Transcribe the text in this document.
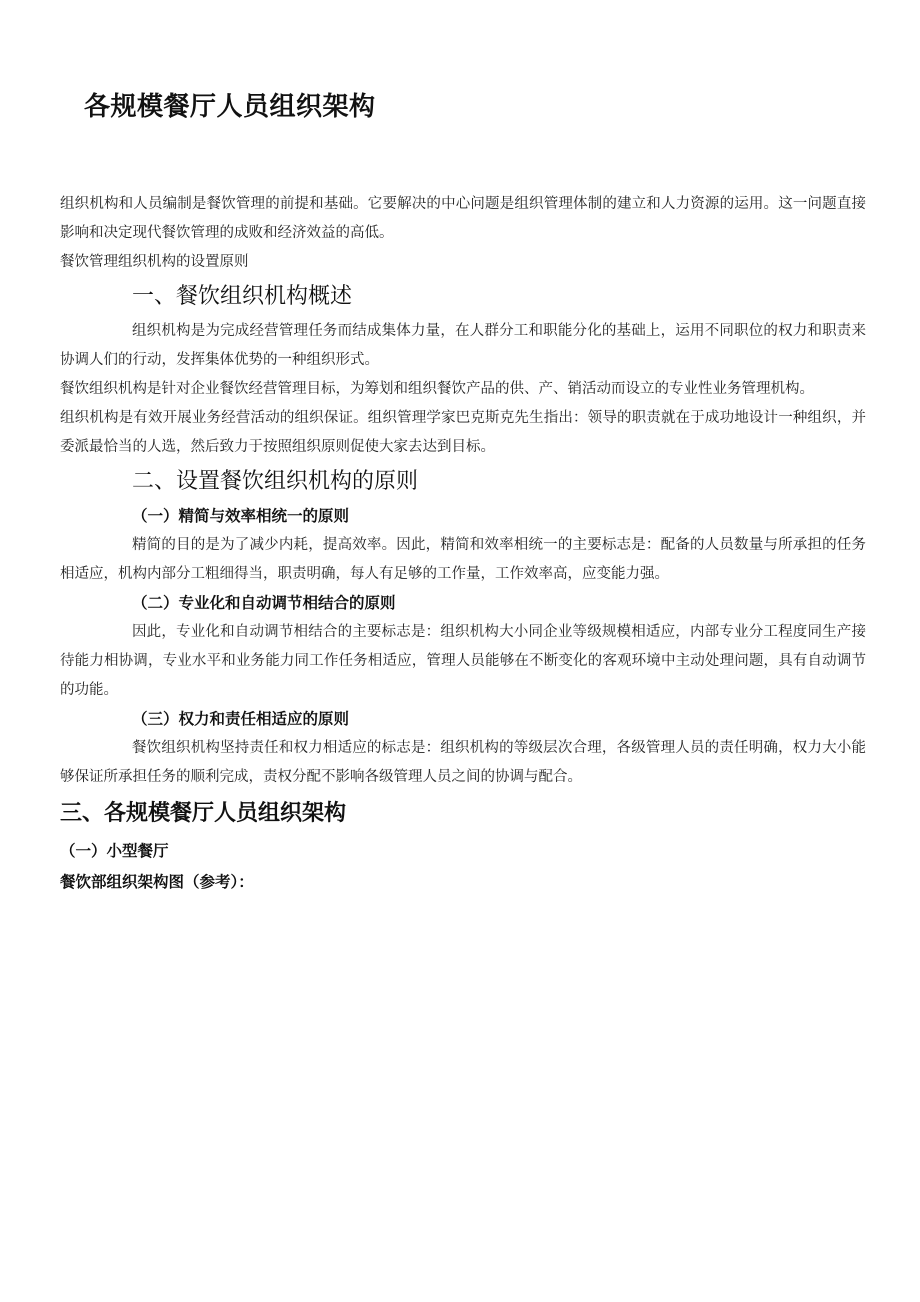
各规模餐厅人员组织架构

组织机构和人员编制是餐饮管理的前提和基础。它要解决的中心问题是组织管理体制的建立和人力资源的运用。这一问题直接影响和决定现代餐饮管理的成败和经济效益的高低。

餐饮管理组织机构的设置原则

一、餐饮组织机构概述

组织机构是为完成经营管理任务而结成集体力量，在人群分工和职能分化的基础上，运用不同职位的权力和职责来协调人们的行动，发挥集体优势的一种组织形式。

餐饮组织机构是针对企业餐饮经营管理目标，为筹划和组织餐饮产品的供、产、销活动而设立的专业性业务管理机构。

组织机构是有效开展业务经营活动的组织保证。组织管理学家巴克斯克先生指出：领导的职责就在于成功地设计一种组织，并委派最恰当的人选，然后致力于按照组织原则促使大家去达到目标。

二、设置餐饮组织机构的原则
（一）精简与效率相统一的原则

精简的目的是为了减少内耗，提高效率。因此，精简和效率相统一的主要标志是：配备的人员数量与所承担的任务相适应，机构内部分工粗细得当，职责明确，每人有足够的工作量，工作效率高，应变能力强。

（二）专业化和自动调节相结合的原则

因此，专业化和自动调节相结合的主要标志是：组织机构大小同企业等级规模相适应，内部专业分工程度同生产接待能力相协调，专业水平和业务能力同工作任务相适应，管理人员能够在不断变化的客观环境中主动处理问题，具有自动调节的功能。

（三）权力和责任相适应的原则

餐饮组织机构坚持责任和权力相适应的标志是：组织机构的等级层次合理，各级管理人员的责任明确，权力大小能够保证所承担任务的顺利完成，责权分配不影响各级管理人员之间的协调与配合。

三、各规模餐厅人员组织架构
（一）小型餐厅
餐饮部组织架构图（参考）：
